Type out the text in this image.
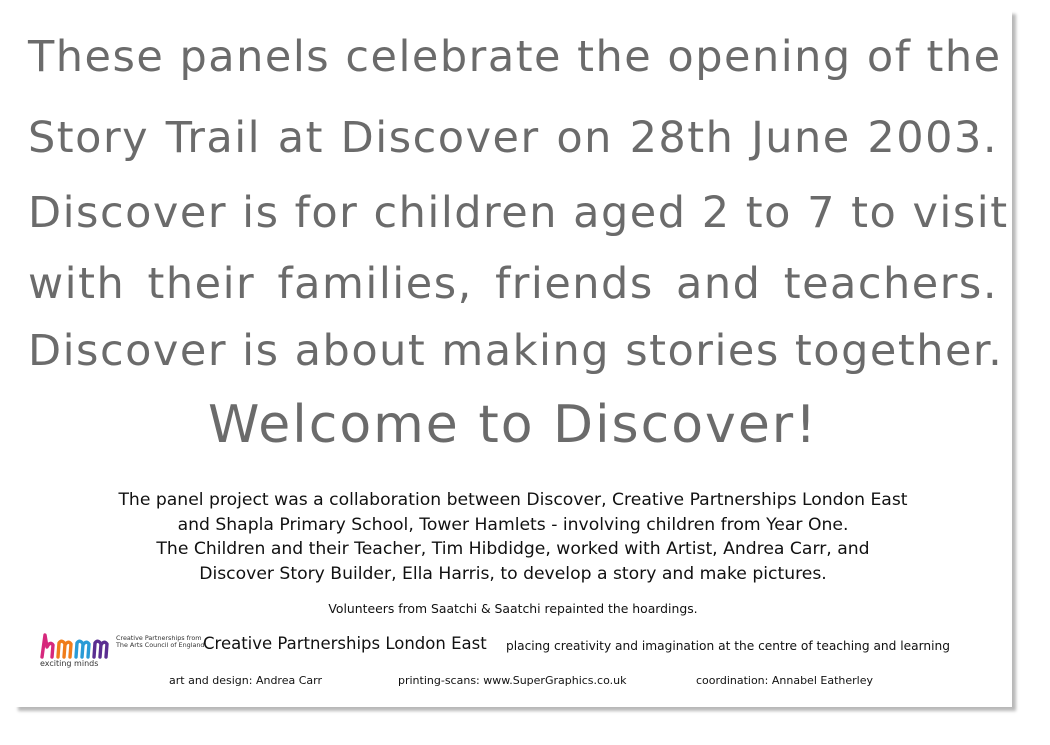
These panels celebrate the opening of the

Story Trail at Discover on 28th June 2003.

Discover is for children aged 2 to 7 to visit

with their families, friends and teachers.

Discover is about making stories together.

Welcome to Discover!

The panel project was a collaboration between Discover, Creative Partnerships London East
and Shapla Primary School, Tower Hamlets - involving children from Year One.
The Children and their Teacher, Tim Hibdidge, worked with Artist, Andrea Carr, and
Discover Story Builder, Ella Harris, to develop a story and make pictures.
Volunteers from Saatchi & Saatchi repainted the hoardings.
exciting minds
Creative Partnerships from
The Arts Council of England
Creative Partnerships London East placing creativity and imagination at the centre of teaching and learning
art and design: Andrea Carr	printing-scans: www.SuperGraphics.co.uk	coordination: Annabel Eatherley
